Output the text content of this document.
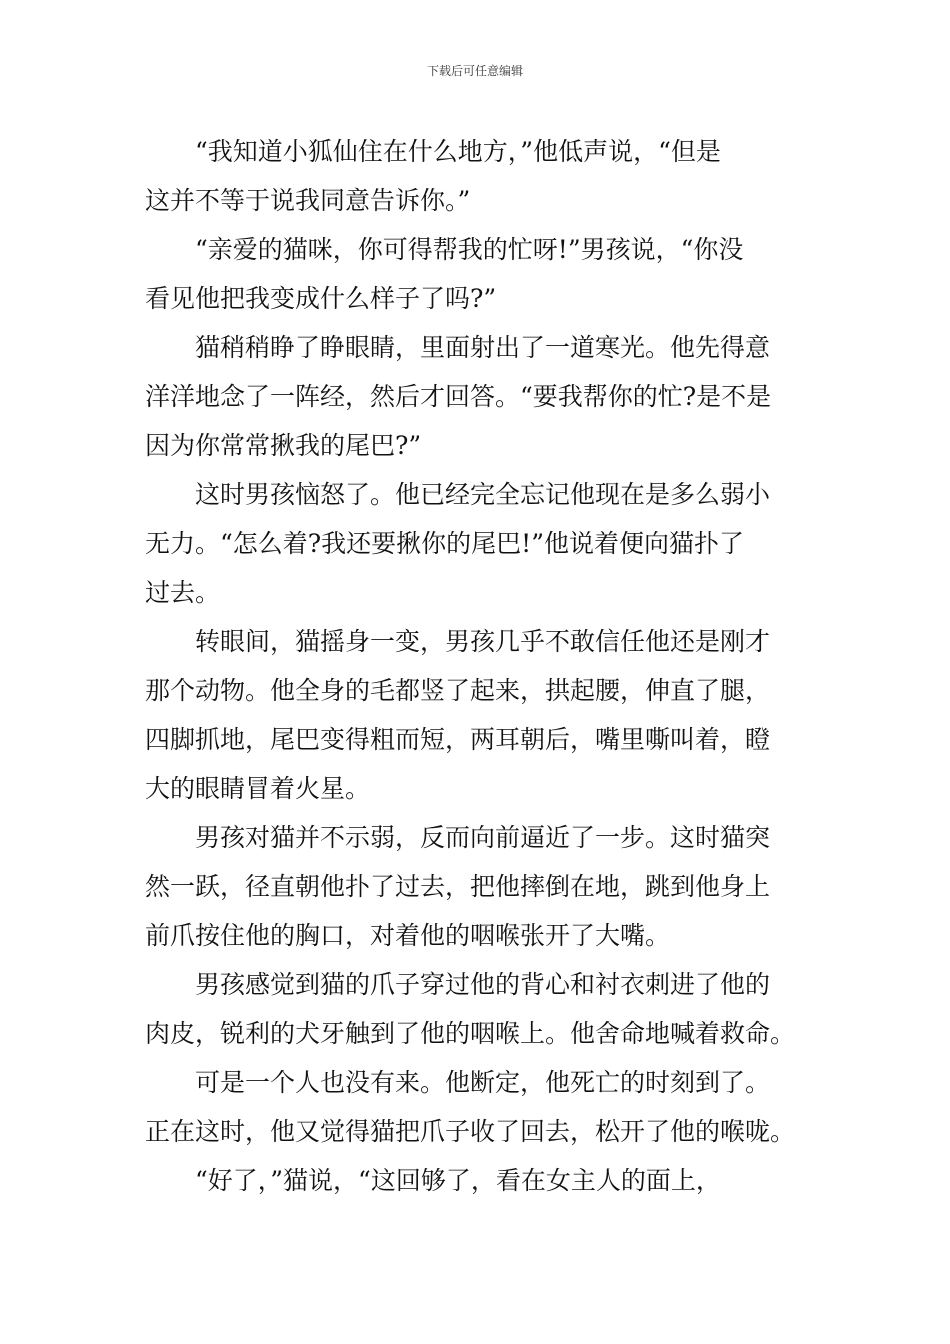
下载后可任意编辑
　　“我知道小狐仙住在什么地方，”他低声说，“但是
这并不等于说我同意告诉你。”
　　“亲爱的猫咪，你可得帮我的忙呀!”男孩说，“你没
看见他把我变成什么样子了吗?”
　　猫稍稍睁了睁眼睛，里面射出了一道寒光。他先得意
洋洋地念了一阵经，然后才回答。“要我帮你的忙?是不是
因为你常常揪我的尾巴?”
　　这时男孩恼怒了。他已经完全忘记他现在是多么弱小
无力。“怎么着?我还要揪你的尾巴!”他说着便向猫扑了
过去。
　　转眼间，猫摇身一变，男孩几乎不敢信任他还是刚才
那个动物。他全身的毛都竖了起来，拱起腰，伸直了腿，
四脚抓地，尾巴变得粗而短，两耳朝后，嘴里嘶叫着，瞪
大的眼睛冒着火星。
　　男孩对猫并不示弱，反而向前逼近了一步。这时猫突
然一跃，径直朝他扑了过去，把他摔倒在地，跳到他身上
前爪按住他的胸口，对着他的咽喉张开了大嘴。
　　男孩感觉到猫的爪子穿过他的背心和衬衣刺进了他的
肉皮，锐利的犬牙触到了他的咽喉上。他舍命地喊着救命。
　　可是一个人也没有来。他断定，他死亡的时刻到了。
正在这时，他又觉得猫把爪子收了回去，松开了他的喉咙。
　　“好了，”猫说，“这回够了，看在女主人的面上，
